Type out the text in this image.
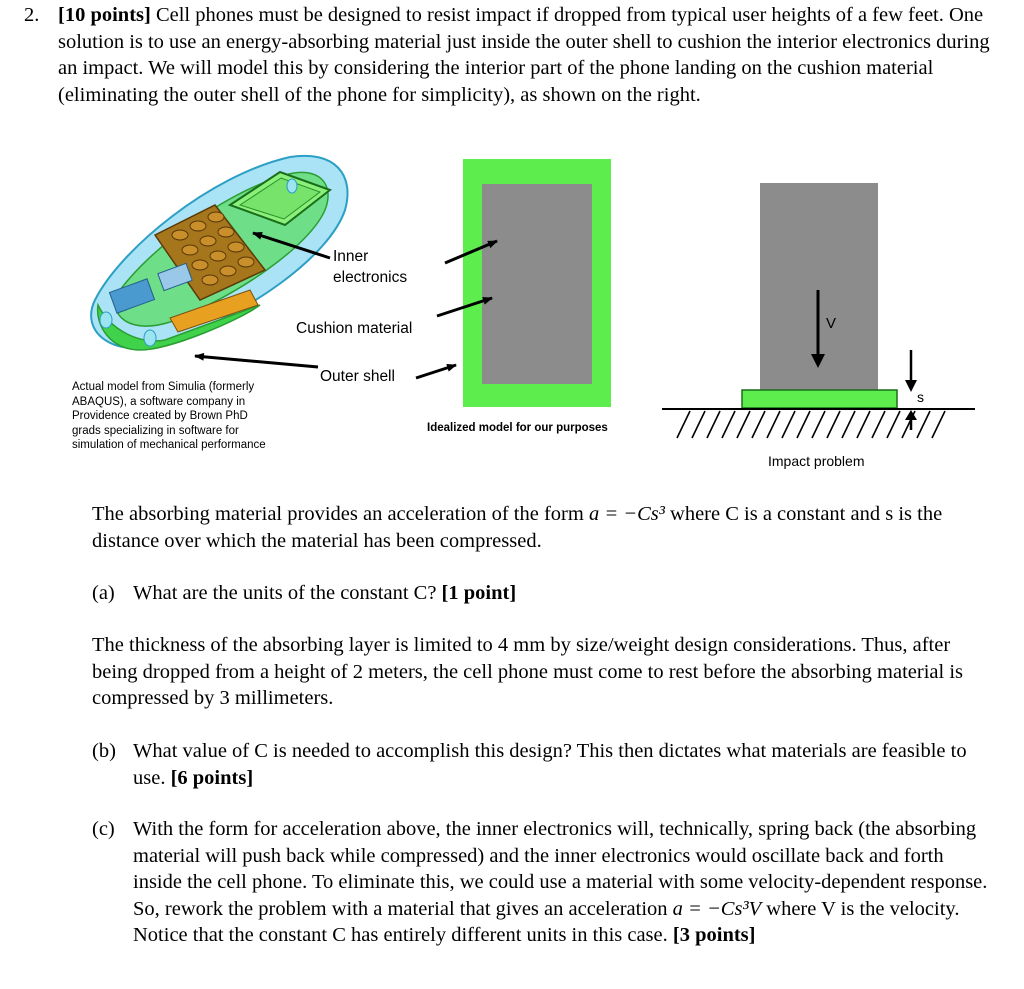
2. [10 points] Cell phones must be designed to resist impact if dropped from typical user heights of a few feet. One solution is to use an energy-absorbing material just inside the outer shell to cushion the interior electronics during an impact. We will model this by considering the interior part of the phone landing on the cushion material (eliminating the outer shell of the phone for simplicity), as shown on the right.
Inner
electronics
Cushion material
Outer shell
V
s
Idealized model for our purposes
Impact problem
Actual model from Simulia (formerly ABAQUS), a software company in Providence created by Brown PhD grads specializing in software for simulation of mechanical performance
The absorbing material provides an acceleration of the form a = −Cs³ where C is a constant and s is the distance over which the material has been compressed.
(a) What are the units of the constant C? [1 point]
The thickness of the absorbing layer is limited to 4 mm by size/weight design considerations. Thus, after being dropped from a height of 2 meters, the cell phone must come to rest before the absorbing material is compressed by 3 millimeters.
(b) What value of C is needed to accomplish this design? This then dictates what materials are feasible to use. [6 points]
(c) With the form for acceleration above, the inner electronics will, technically, spring back (the absorbing material will push back while compressed) and the inner electronics would oscillate back and forth inside the cell phone. To eliminate this, we could use a material with some velocity-dependent response. So, rework the problem with a material that gives an acceleration a = −Cs³V where V is the velocity. Notice that the constant C has entirely different units in this case. [3 points]
